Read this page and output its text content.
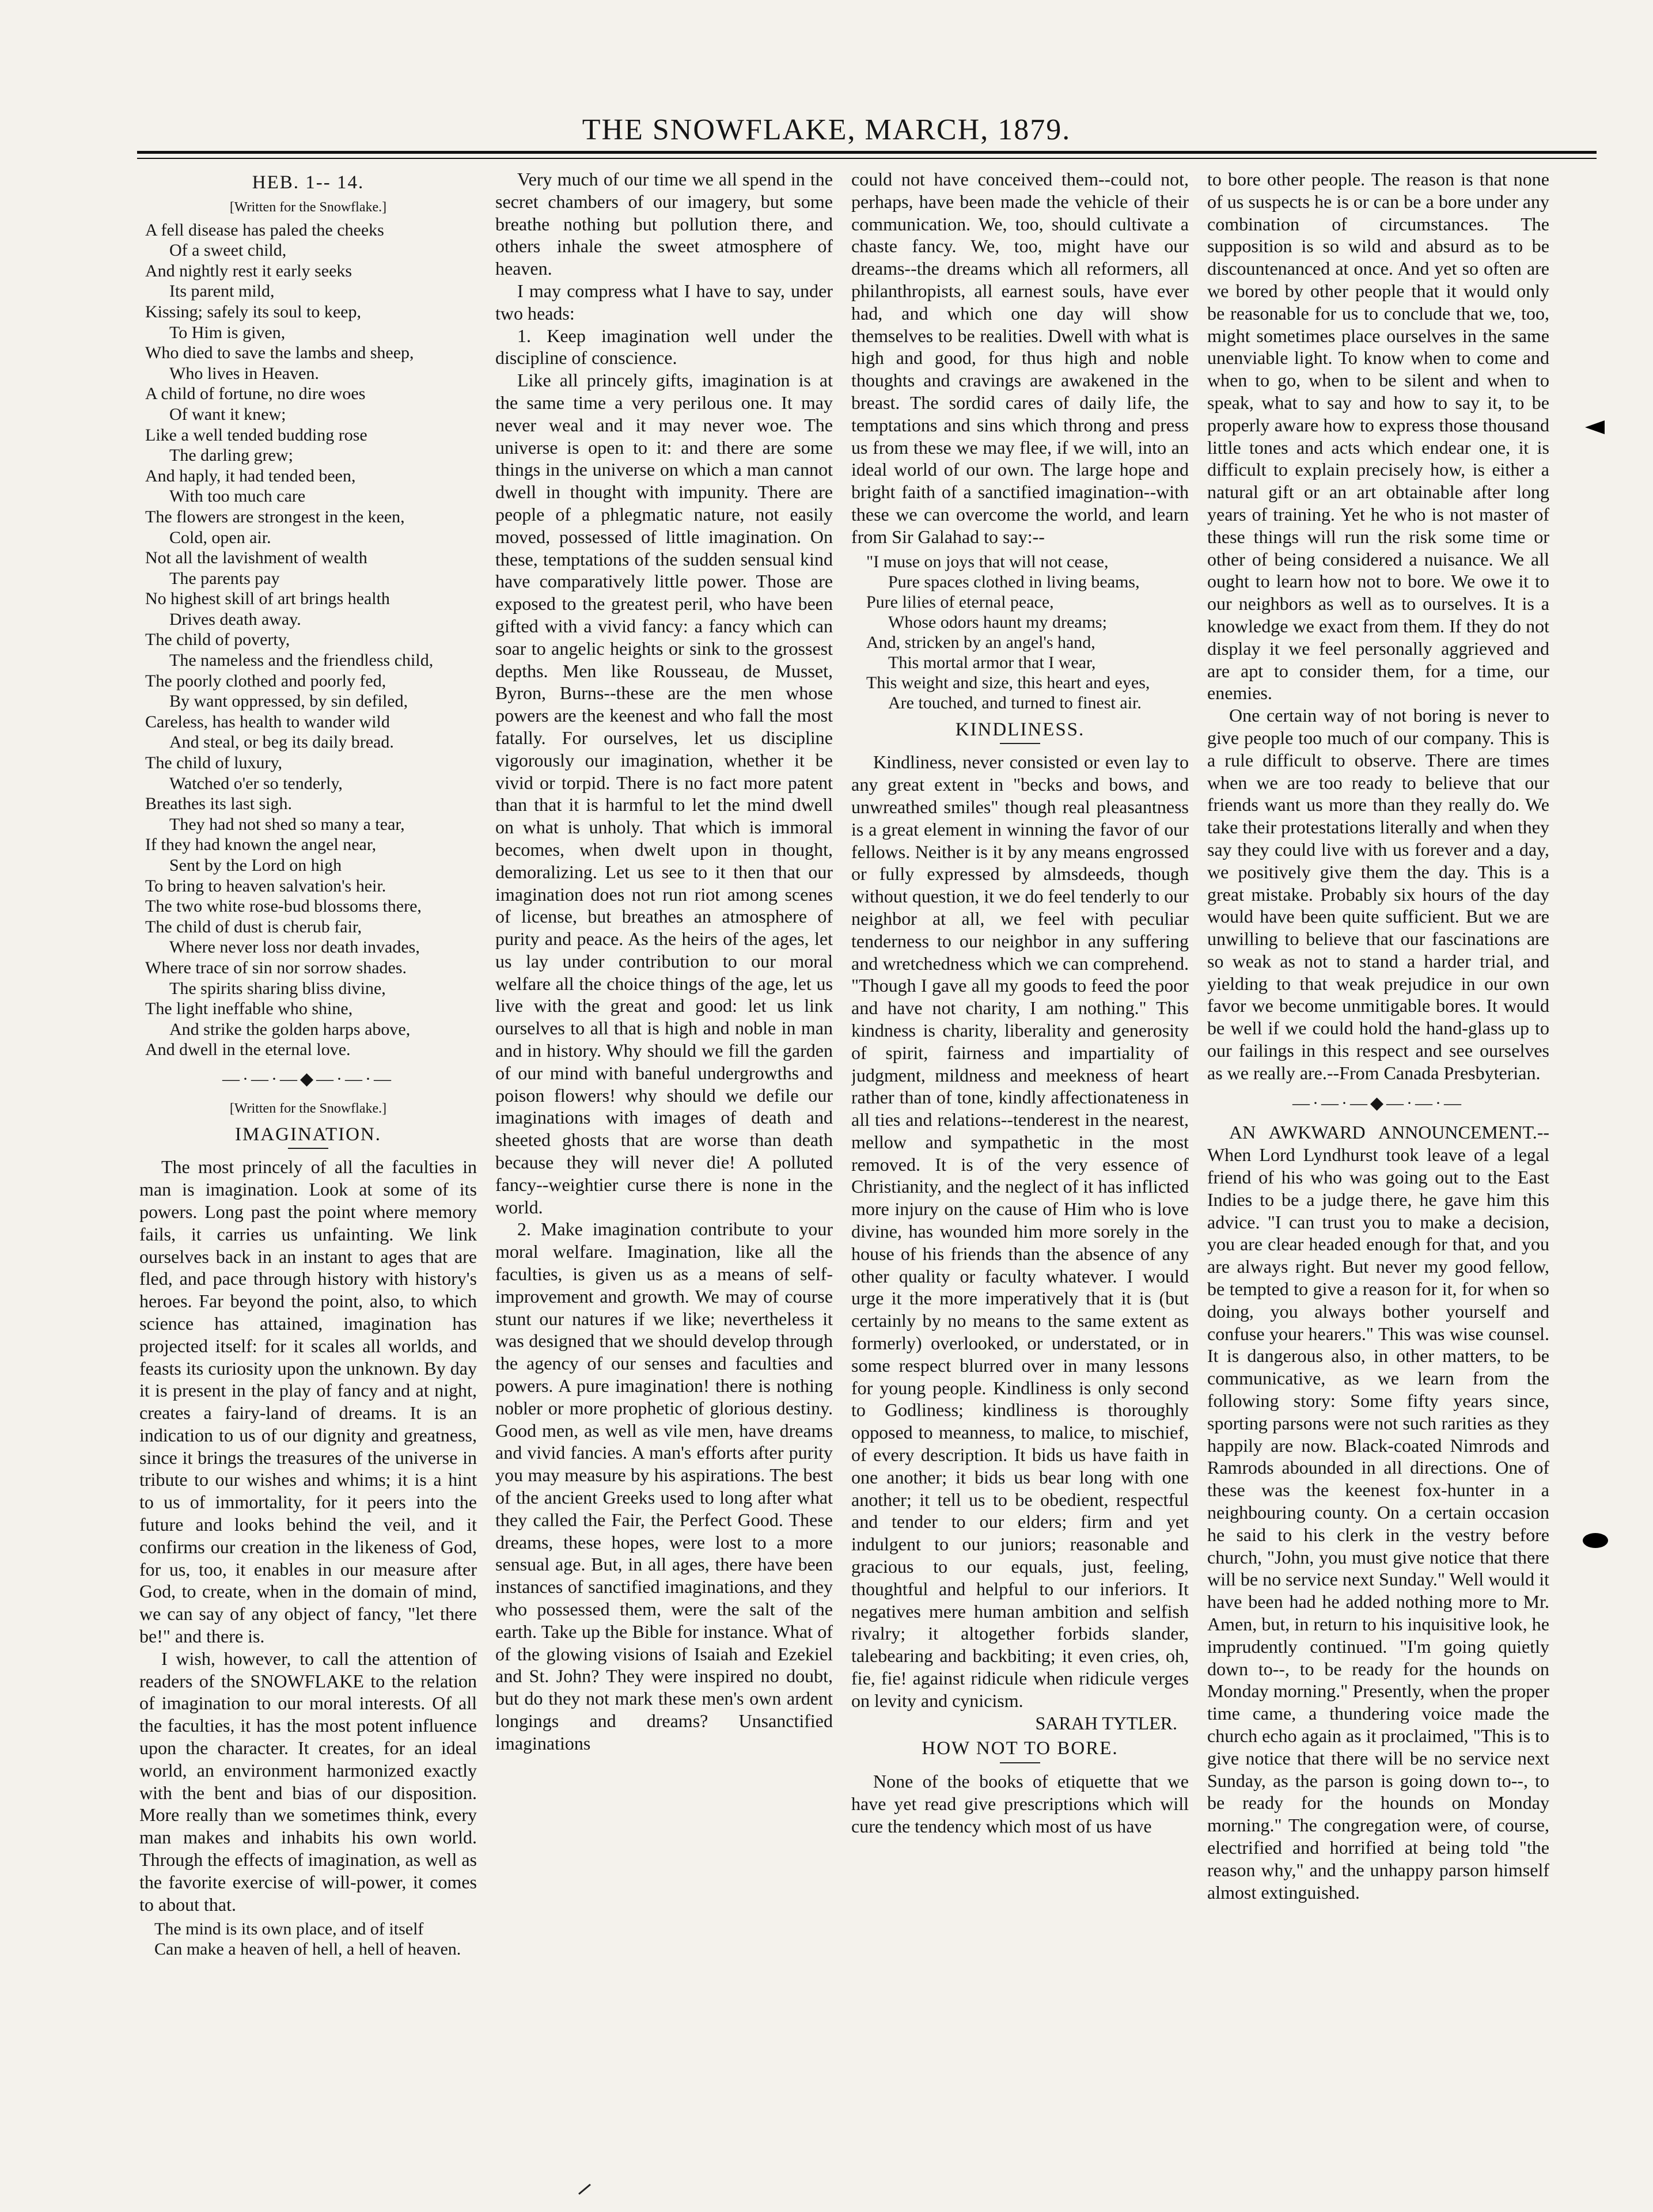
THE SNOWFLAKE, MARCH, 1879.
HEB. 1-- 14.
[Written for the Snowflake.]
A fell disease has paled the cheeks
Of a sweet child,
And nightly rest it early seeks
Its parent mild,
Kissing; safely its soul to keep,
To Him is given,
Who died to save the lambs and sheep,
Who lives in Heaven.
A child of fortune, no dire woes
Of want it knew;
Like a well tended budding rose
The darling grew;
And haply, it had tended been,
With too much care
The flowers are strongest in the keen,
Cold, open air.
Not all the lavishment of wealth
The parents pay
No highest skill of art brings health
Drives death away.
The child of poverty,
The nameless and the friendless child,
The poorly clothed and poorly fed,
By want oppressed, by sin defiled,
Careless, has health to wander wild
And steal, or beg its daily bread.
The child of luxury,
Watched o'er so tenderly,
Breathes its last sigh.
They had not shed so many a tear,
If they had known the angel near,
Sent by the Lord on high
To bring to heaven salvation's heir.
The two white rose-bud blossoms there,
The child of dust is cherub fair,
Where never loss nor death invades,
Where trace of sin nor sorrow shades.
The spirits sharing bliss divine,
The light ineffable who shine,
And strike the golden harps above,
And dwell in the eternal love.
—·—·—◆—·—·—
[Written for the Snowflake.]
IMAGINATION.

The most princely of all the faculties in man is imagination. Look at some of its powers. Long past the point where memory fails, it carries us unfainting. We link ourselves back in an instant to ages that are fled, and pace through history with history's heroes. Far beyond the point, also, to which science has attained, imagination has projected itself: for it scales all worlds, and feasts its curiosity upon the unknown. By day it is present in the play of fancy and at night, creates a fairy-land of dreams. It is an indication to us of our dignity and greatness, since it brings the treasures of the universe in tribute to our wishes and whims; it is a hint to us of immortality, for it peers into the future and looks behind the veil, and it confirms our creation in the likeness of God, for us, too, it enables in our measure after God, to create, when in the domain of mind, we can say of any object of fancy, "let there be!" and there is.

I wish, however, to call the attention of readers of the SNOWFLAKE to the relation of imagination to our moral interests. Of all the faculties, it has the most potent influence upon the character. It creates, for an ideal world, an environment harmonized exactly with the bent and bias of our disposition. More really than we sometimes think, every man makes and inhabits his own world. Through the effects of imagination, as well as the favorite exercise of will-power, it comes to about that.

The mind is its own place, and of itself
Can make a heaven of hell, a hell of heaven.

Very much of our time we all spend in the secret chambers of our imagery, but some breathe nothing but pollution there, and others inhale the sweet atmosphere of heaven.

I may compress what I have to say, under two heads:

1. Keep imagination well under the discipline of conscience.

Like all princely gifts, imagination is at the same time a very perilous one. It may never weal and it may never woe. The universe is open to it: and there are some things in the universe on which a man cannot dwell in thought with impunity. There are people of a phlegmatic nature, not easily moved, possessed of little imagination. On these, temptations of the sudden sensual kind have comparatively little power. Those are exposed to the greatest peril, who have been gifted with a vivid fancy: a fancy which can soar to angelic heights or sink to the grossest depths. Men like Rousseau, de Musset, Byron, Burns--these are the men whose powers are the keenest and who fall the most fatally. For ourselves, let us discipline vigorously our imagination, whether it be vivid or torpid. There is no fact more patent than that it is harmful to let the mind dwell on what is unholy. That which is immoral becomes, when dwelt upon in thought, demoralizing. Let us see to it then that our imagination does not run riot among scenes of license, but breathes an atmosphere of purity and peace. As the heirs of the ages, let us lay under contribution to our moral welfare all the choice things of the age, let us live with the great and good: let us link ourselves to all that is high and noble in man and in history. Why should we fill the garden of our mind with baneful undergrowths and poison flowers! why should we defile our imaginations with images of death and sheeted ghosts that are worse than death because they will never die! A polluted fancy--weightier curse there is none in the world.

2. Make imagination contribute to your moral welfare. Imagination, like all the faculties, is given us as a means of self-improvement and growth. We may of course stunt our natures if we like; nevertheless it was designed that we should develop through the agency of our senses and faculties and powers. A pure imagination! there is nothing nobler or more prophetic of glorious destiny. Good men, as well as vile men, have dreams and vivid fancies. A man's efforts after purity you may measure by his aspirations. The best of the ancient Greeks used to long after what they called the Fair, the Perfect Good. These dreams, these hopes, were lost to a more sensual age. But, in all ages, there have been instances of sanctified imaginations, and they who possessed them, were the salt of the earth. Take up the Bible for instance. What of of the glowing visions of Isaiah and Ezekiel and St. John? They were inspired no doubt, but do they not mark these men's own ardent longings and dreams? Unsanctified imaginations

could not have conceived them--could not, perhaps, have been made the vehicle of their communication. We, too, should cultivate a chaste fancy. We, too, might have our dreams--the dreams which all reformers, all philanthropists, all earnest souls, have ever had, and which one day will show themselves to be realities. Dwell with what is high and good, for thus high and noble thoughts and cravings are awakened in the breast. The sordid cares of daily life, the temptations and sins which throng and press us from these we may flee, if we will, into an ideal world of our own. The large hope and bright faith of a sanctified imagination--with these we can overcome the world, and learn from Sir Galahad to say:--

"I muse on joys that will not cease,
Pure spaces clothed in living beams,
Pure lilies of eternal peace,
Whose odors haunt my dreams;
And, stricken by an angel's hand,
This mortal armor that I wear,
This weight and size, this heart and eyes,
Are touched, and turned to finest air.
KINDLINESS.

Kindliness, never consisted or even lay to any great extent in "becks and bows, and unwreathed smiles" though real pleasantness is a great element in winning the favor of our fellows. Neither is it by any means engrossed or fully expressed by almsdeeds, though without question, it we do feel tenderly to our neighbor at all, we feel with peculiar tenderness to our neighbor in any suffering and wretchedness which we can comprehend. "Though I gave all my goods to feed the poor and have not charity, I am nothing." This kindness is charity, liberality and generosity of spirit, fairness and impartiality of judgment, mildness and meekness of heart rather than of tone, kindly affectionateness in all ties and relations--tenderest in the nearest, mellow and sympathetic in the most removed. It is of the very essence of Christianity, and the neglect of it has inflicted more injury on the cause of Him who is love divine, has wounded him more sorely in the house of his friends than the absence of any other quality or faculty whatever. I would urge it the more imperatively that it is (but certainly by no means to the same extent as formerly) overlooked, or understated, or in some respect blurred over in many lessons for young people. Kindliness is only second to Godliness; kindliness is thoroughly opposed to meanness, to malice, to mischief, of every description. It bids us have faith in one another; it bids us bear long with one another; it tell us to be obedient, respectful and tender to our elders; firm and yet indulgent to our juniors; reasonable and gracious to our equals, just, feeling, thoughtful and helpful to our inferiors. It negatives mere human ambition and selfish rivalry; it altogether forbids slander, talebearing and backbiting; it even cries, oh, fie, fie! against ridicule when ridicule verges on levity and cynicism.

SARAH TYTLER.
HOW NOT TO BORE.

None of the books of etiquette that we have yet read give prescriptions which will cure the tendency which most of us have

to bore other people. The reason is that none of us suspects he is or can be a bore under any combination of circumstances. The supposition is so wild and absurd as to be discountenanced at once. And yet so often are we bored by other people that it would only be reasonable for us to conclude that we, too, might sometimes place ourselves in the same unenviable light. To know when to come and when to go, when to be silent and when to speak, what to say and how to say it, to be properly aware how to express those thousand little tones and acts which endear one, it is difficult to explain precisely how, is either a natural gift or an art obtainable after long years of training. Yet he who is not master of these things will run the risk some time or other of being considered a nuisance. We all ought to learn how not to bore. We owe it to our neighbors as well as to ourselves. It is a knowledge we exact from them. If they do not display it we feel personally aggrieved and are apt to consider them, for a time, our enemies.

One certain way of not boring is never to give people too much of our company. This is a rule difficult to observe. There are times when we are too ready to believe that our friends want us more than they really do. We take their protestations literally and when they say they could live with us forever and a day, we positively give them the day. This is a great mistake. Probably six hours of the day would have been quite sufficient. But we are unwilling to believe that our fascinations are so weak as not to stand a harder trial, and yielding to that weak prejudice in our own favor we become unmitigable bores. It would be well if we could hold the hand-glass up to our failings in this respect and see ourselves as we really are.--From Canada Presbyterian.

—·—·—◆—·—·—

AN AWKWARD ANNOUNCEMENT.--When Lord Lyndhurst took leave of a legal friend of his who was going out to the East Indies to be a judge there, he gave him this advice. "I can trust you to make a decision, you are clear headed enough for that, and you are always right. But never my good fellow, be tempted to give a reason for it, for when so doing, you always bother yourself and confuse your hearers." This was wise counsel. It is dangerous also, in other matters, to be communicative, as we learn from the following story: Some fifty years since, sporting parsons were not such rarities as they happily are now. Black-coated Nimrods and Ramrods abounded in all directions. One of these was the keenest fox-hunter in a neighbouring county. On a certain occasion he said to his clerk in the vestry before church, "John, you must give notice that there will be no service next Sunday." Well would it have been had he added nothing more to Mr. Amen, but, in return to his inquisitive look, he imprudently continued. "I'm going quietly down to--, to be ready for the hounds on Monday morning." Presently, when the proper time came, a thundering voice made the church echo again as it proclaimed, "This is to give notice that there will be no service next Sunday, as the parson is going down to--, to be ready for the hounds on Monday morning." The congregation were, of course, electrified and horrified at being told "the reason why," and the unhappy parson himself almost extinguished.
